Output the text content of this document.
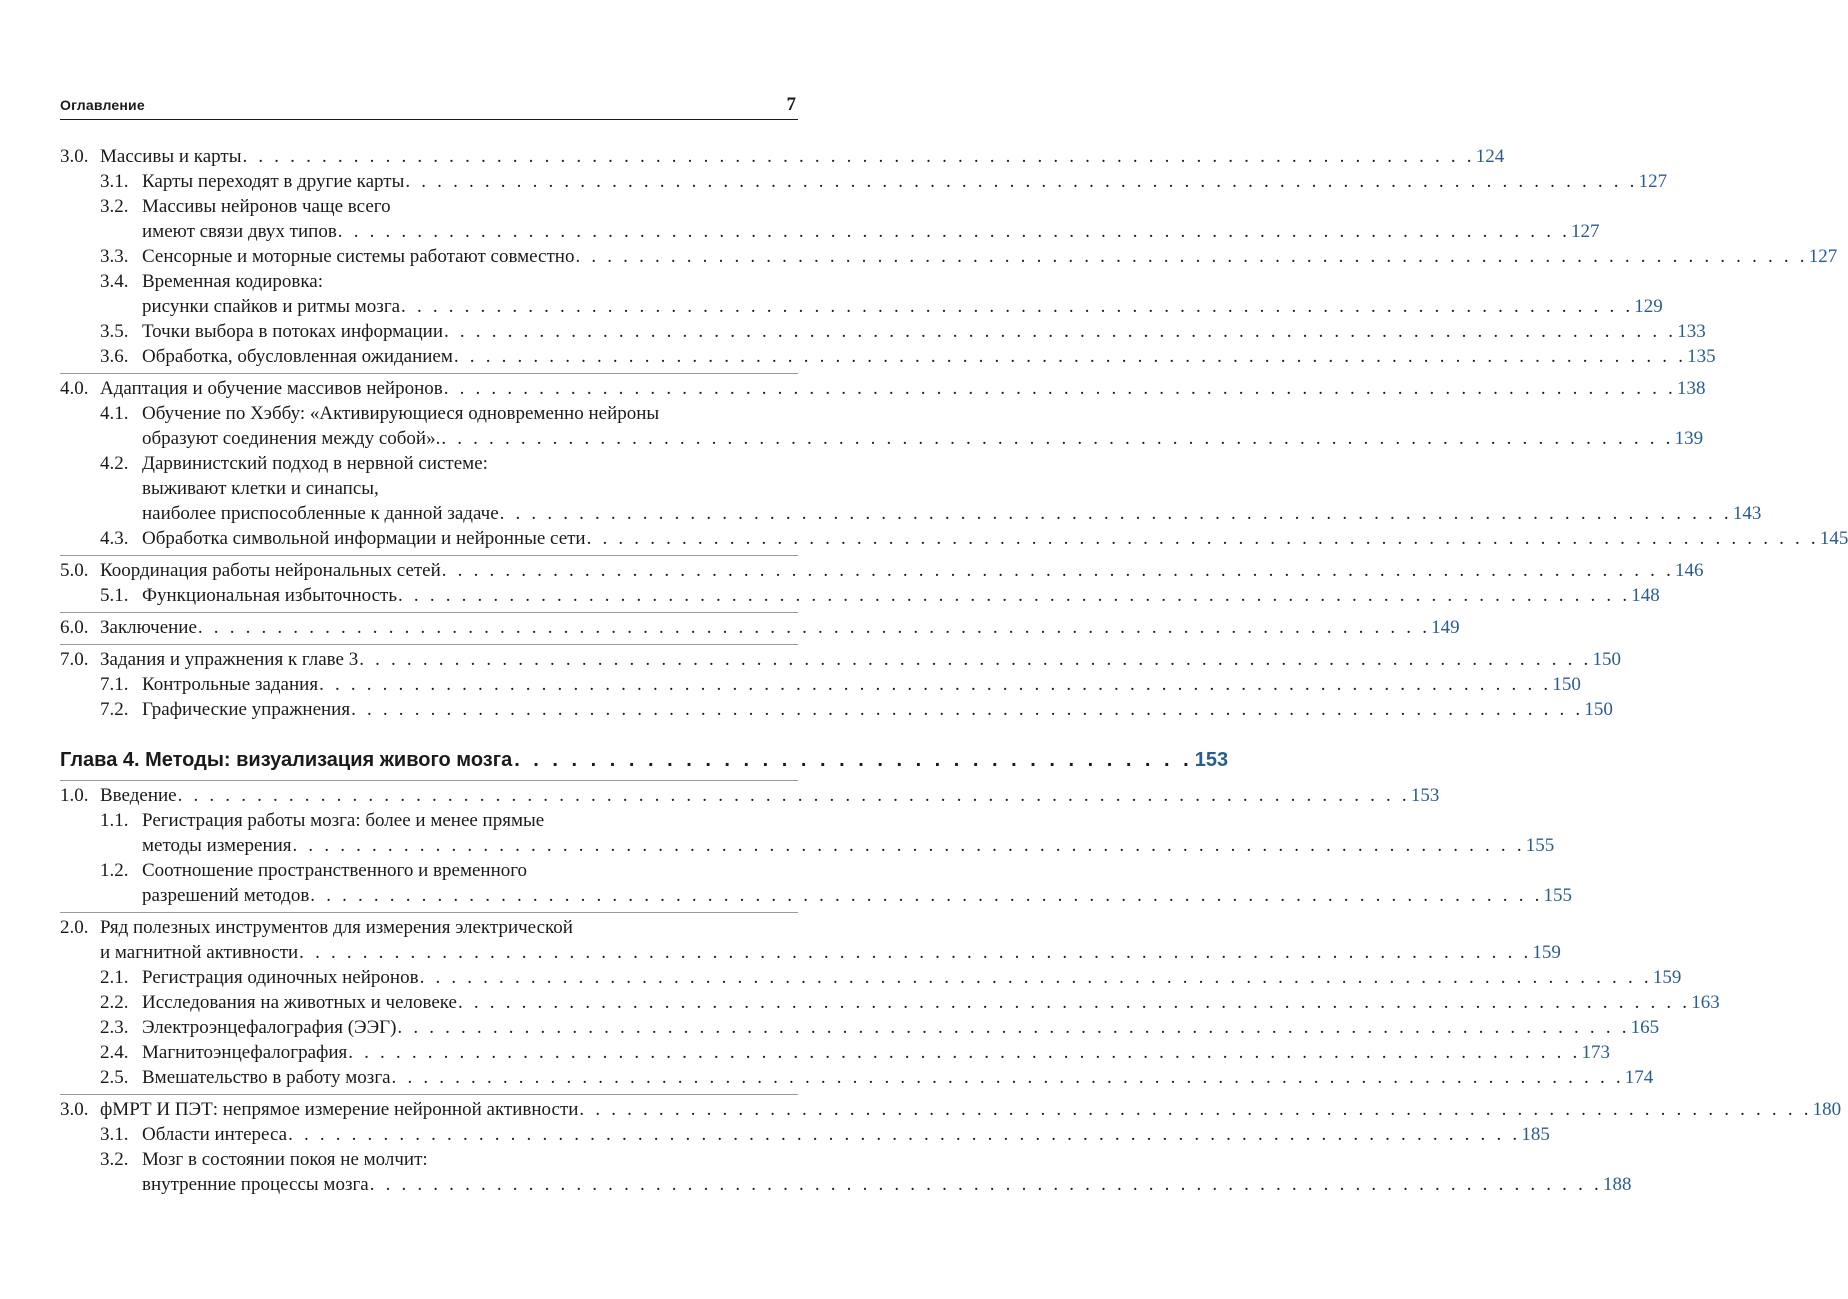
Оглавление	7
3.0. Массивы и карты . . . . . . . . . . . . . . . . . . . . . . . . . . . . . . . . . . . . . . . . . . . . . . . . . . . . . . . . . . . . . . . . . . . . . . . . . . . . . . 124
3.1. Карты переходят в другие карты . . . . . . . . . . . . . . . . . . . . . . . . . . . . . . . . . . . . . . . . . . . . . . . . . . . . . . . . . . . . . . . . . . . . . . . . . . . . . . 127
3.2. Массивы нейронов чаще всего
имеют связи двух типов . . . . . . . . . . . . . . . . . . . . . . . . . . . . . . . . . . . . . . . . . . . . . . . . . . . . . . . . . . . . . . . . . . . . . . . . . . . . . . 127
3.3. Сенсорные и моторные системы работают совместно . . . . . . . . . . . . . . . . . . . . . . . . . . . . . . . . . . . . . . . . . . . . . . . . . . . . . . . . . . . . . . . . . . . . . . . . . . . . . . 127
3.4. Временная кодировка:
рисунки спайков и ритмы мозга . . . . . . . . . . . . . . . . . . . . . . . . . . . . . . . . . . . . . . . . . . . . . . . . . . . . . . . . . . . . . . . . . . . . . . . . . . . . . . 129
3.5. Точки выбора в потоках информации . . . . . . . . . . . . . . . . . . . . . . . . . . . . . . . . . . . . . . . . . . . . . . . . . . . . . . . . . . . . . . . . . . . . . . . . . . . . . . 133
3.6. Обработка, обусловленная ожиданием . . . . . . . . . . . . . . . . . . . . . . . . . . . . . . . . . . . . . . . . . . . . . . . . . . . . . . . . . . . . . . . . . . . . . . . . . . . . . . 135
4.0. Адаптация и обучение массивов нейронов . . . . . . . . . . . . . . . . . . . . . . . . . . . . . . . . . . . . . . . . . . . . . . . . . . . . . . . . . . . . . . . . . . . . . . . . . . . . . . 138
4.1. Обучение по Хэббу: «Активирующиеся одновременно нейроны
образуют соединения между собой». . . . . . . . . . . . . . . . . . . . . . . . . . . . . . . . . . . . . . . . . . . . . . . . . . . . . . . . . . . . . . . . . . . . . . . . . . . . . . . 139
4.2. Дарвинистский подход в нервной системе:
выживают клетки и синапсы,
наиболее приспособленные к данной задаче . . . . . . . . . . . . . . . . . . . . . . . . . . . . . . . . . . . . . . . . . . . . . . . . . . . . . . . . . . . . . . . . . . . . . . . . . . . . . . 143
4.3. Обработка символьной информации и нейронные сети . . . . . . . . . . . . . . . . . . . . . . . . . . . . . . . . . . . . . . . . . . . . . . . . . . . . . . . . . . . . . . . . . . . . . . . . . . . . . . 145
5.0. Координация работы нейрональных сетей . . . . . . . . . . . . . . . . . . . . . . . . . . . . . . . . . . . . . . . . . . . . . . . . . . . . . . . . . . . . . . . . . . . . . . . . . . . . . . 146
5.1. Функциональная избыточность . . . . . . . . . . . . . . . . . . . . . . . . . . . . . . . . . . . . . . . . . . . . . . . . . . . . . . . . . . . . . . . . . . . . . . . . . . . . . . 148
6.0. Заключение . . . . . . . . . . . . . . . . . . . . . . . . . . . . . . . . . . . . . . . . . . . . . . . . . . . . . . . . . . . . . . . . . . . . . . . . . . . . . . 149
7.0. Задания и упражнения к главе 3 . . . . . . . . . . . . . . . . . . . . . . . . . . . . . . . . . . . . . . . . . . . . . . . . . . . . . . . . . . . . . . . . . . . . . . . . . . . . . . 150
7.1. Контрольные задания . . . . . . . . . . . . . . . . . . . . . . . . . . . . . . . . . . . . . . . . . . . . . . . . . . . . . . . . . . . . . . . . . . . . . . . . . . . . . . 150
7.2. Графические упражнения . . . . . . . . . . . . . . . . . . . . . . . . . . . . . . . . . . . . . . . . . . . . . . . . . . . . . . . . . . . . . . . . . . . . . . . . . . . . . . 150
Глава 4. Методы: визуализация живого мозга . . . . . . . . . . . . . . . . . . . . . . . . . . . . . . . . . . . . 153
1.0. Введение . . . . . . . . . . . . . . . . . . . . . . . . . . . . . . . . . . . . . . . . . . . . . . . . . . . . . . . . . . . . . . . . . . . . . . . . . . . . . . 153
1.1. Регистрация работы мозга: более и менее прямые
методы измерения . . . . . . . . . . . . . . . . . . . . . . . . . . . . . . . . . . . . . . . . . . . . . . . . . . . . . . . . . . . . . . . . . . . . . . . . . . . . . . 155
1.2. Соотношение пространственного и временного
разрешений методов . . . . . . . . . . . . . . . . . . . . . . . . . . . . . . . . . . . . . . . . . . . . . . . . . . . . . . . . . . . . . . . . . . . . . . . . . . . . . . 155
2.0. Ряд полезных инструментов для измерения электрической
и магнитной активности . . . . . . . . . . . . . . . . . . . . . . . . . . . . . . . . . . . . . . . . . . . . . . . . . . . . . . . . . . . . . . . . . . . . . . . . . . . . . . 159
2.1. Регистрация одиночных нейронов . . . . . . . . . . . . . . . . . . . . . . . . . . . . . . . . . . . . . . . . . . . . . . . . . . . . . . . . . . . . . . . . . . . . . . . . . . . . . . 159
2.2. Исследования на животных и человеке . . . . . . . . . . . . . . . . . . . . . . . . . . . . . . . . . . . . . . . . . . . . . . . . . . . . . . . . . . . . . . . . . . . . . . . . . . . . . . 163
2.3. Электроэнцефалография (ЭЭГ) . . . . . . . . . . . . . . . . . . . . . . . . . . . . . . . . . . . . . . . . . . . . . . . . . . . . . . . . . . . . . . . . . . . . . . . . . . . . . . 165
2.4. Магнитоэнцефалография . . . . . . . . . . . . . . . . . . . . . . . . . . . . . . . . . . . . . . . . . . . . . . . . . . . . . . . . . . . . . . . . . . . . . . . . . . . . . . 173
2.5. Вмешательство в работу мозга . . . . . . . . . . . . . . . . . . . . . . . . . . . . . . . . . . . . . . . . . . . . . . . . . . . . . . . . . . . . . . . . . . . . . . . . . . . . . . 174
3.0. фМРТ И ПЭТ: непрямое измерение нейронной активности . . . . . . . . . . . . . . . . . . . . . . . . . . . . . . . . . . . . . . . . . . . . . . . . . . . . . . . . . . . . . . . . . . . . . . . . . . . . . . 180
3.1. Области интереса . . . . . . . . . . . . . . . . . . . . . . . . . . . . . . . . . . . . . . . . . . . . . . . . . . . . . . . . . . . . . . . . . . . . . . . . . . . . . . 185
3.2. Мозг в состоянии покоя не молчит:
внутренние процессы мозга . . . . . . . . . . . . . . . . . . . . . . . . . . . . . . . . . . . . . . . . . . . . . . . . . . . . . . . . . . . . . . . . . . . . . . . . . . . . . . 188
